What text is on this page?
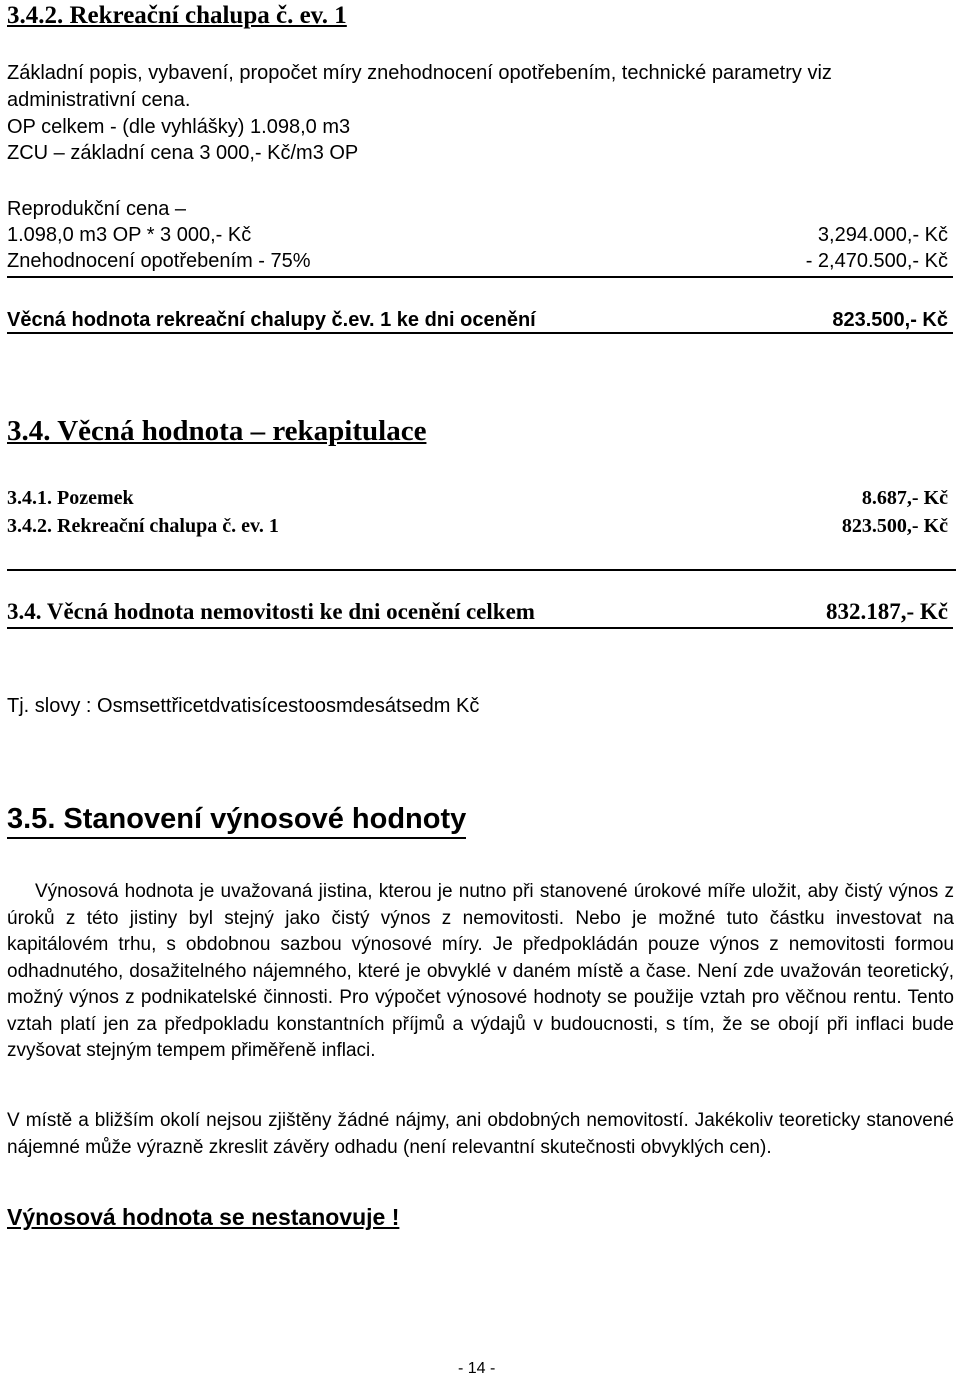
3.4.2. Rekreační chalupa č. ev. 1
Základní popis, vybavení, propočet míry znehodnocení opotřebením, technické parametry viz
administrativní cena.
OP celkem - (dle vyhlášky) 1.098,0 m3
ZCU – základní cena 3 000,- Kč/m3 OP
Reprodukční cena –
1.098,0 m3 OP * 3 000,- Kč	3,294.000,- Kč
Znehodnocení opotřebením - 75%	- 2,470.500,- Kč
Věcná hodnota rekreační chalupy č.ev. 1 ke dni ocenění	823.500,- Kč
3.4. Věcná hodnota – rekapitulace
3.4.1. Pozemek	8.687,- Kč
3.4.2. Rekreační chalupa č. ev. 1	823.500,- Kč
3.4. Věcná hodnota nemovitosti ke dni ocenění celkem	832.187,- Kč
Tj. slovy : Osmsettřicetdvatisícestoosmdesátsedm Kč
3.5. Stanovení výnosové hodnoty
Výnosová hodnota je uvažovaná jistina, kterou je nutno při stanovené úrokové míře uložit, aby čistý výnos z úroků z této jistiny byl stejný jako čistý výnos z nemovitosti. Nebo je možné tuto částku investovat na kapitálovém trhu, s obdobnou sazbou výnosové míry. Je předpokládán pouze výnos z nemovitosti formou odhadnutého, dosažitelného nájemného, které je obvyklé v daném místě a čase. Není zde uvažován teoretický, možný výnos z podnikatelské činnosti. Pro výpočet výnosové hodnoty se použije vztah pro věčnou rentu. Tento vztah platí jen za předpokladu konstantních příjmů a výdajů v budoucnosti, s tím, že se obojí při inflaci bude zvyšovat stejným tempem přiměřeně inflaci.
V místě a bližším okolí nejsou zjištěny žádné nájmy, ani obdobných nemovitostí. Jakékoliv teoreticky stanovené nájemné může výrazně zkreslit závěry odhadu (není relevantní skutečnosti obvyklých cen).
Výnosová hodnota se nestanovuje !
- 14 -
